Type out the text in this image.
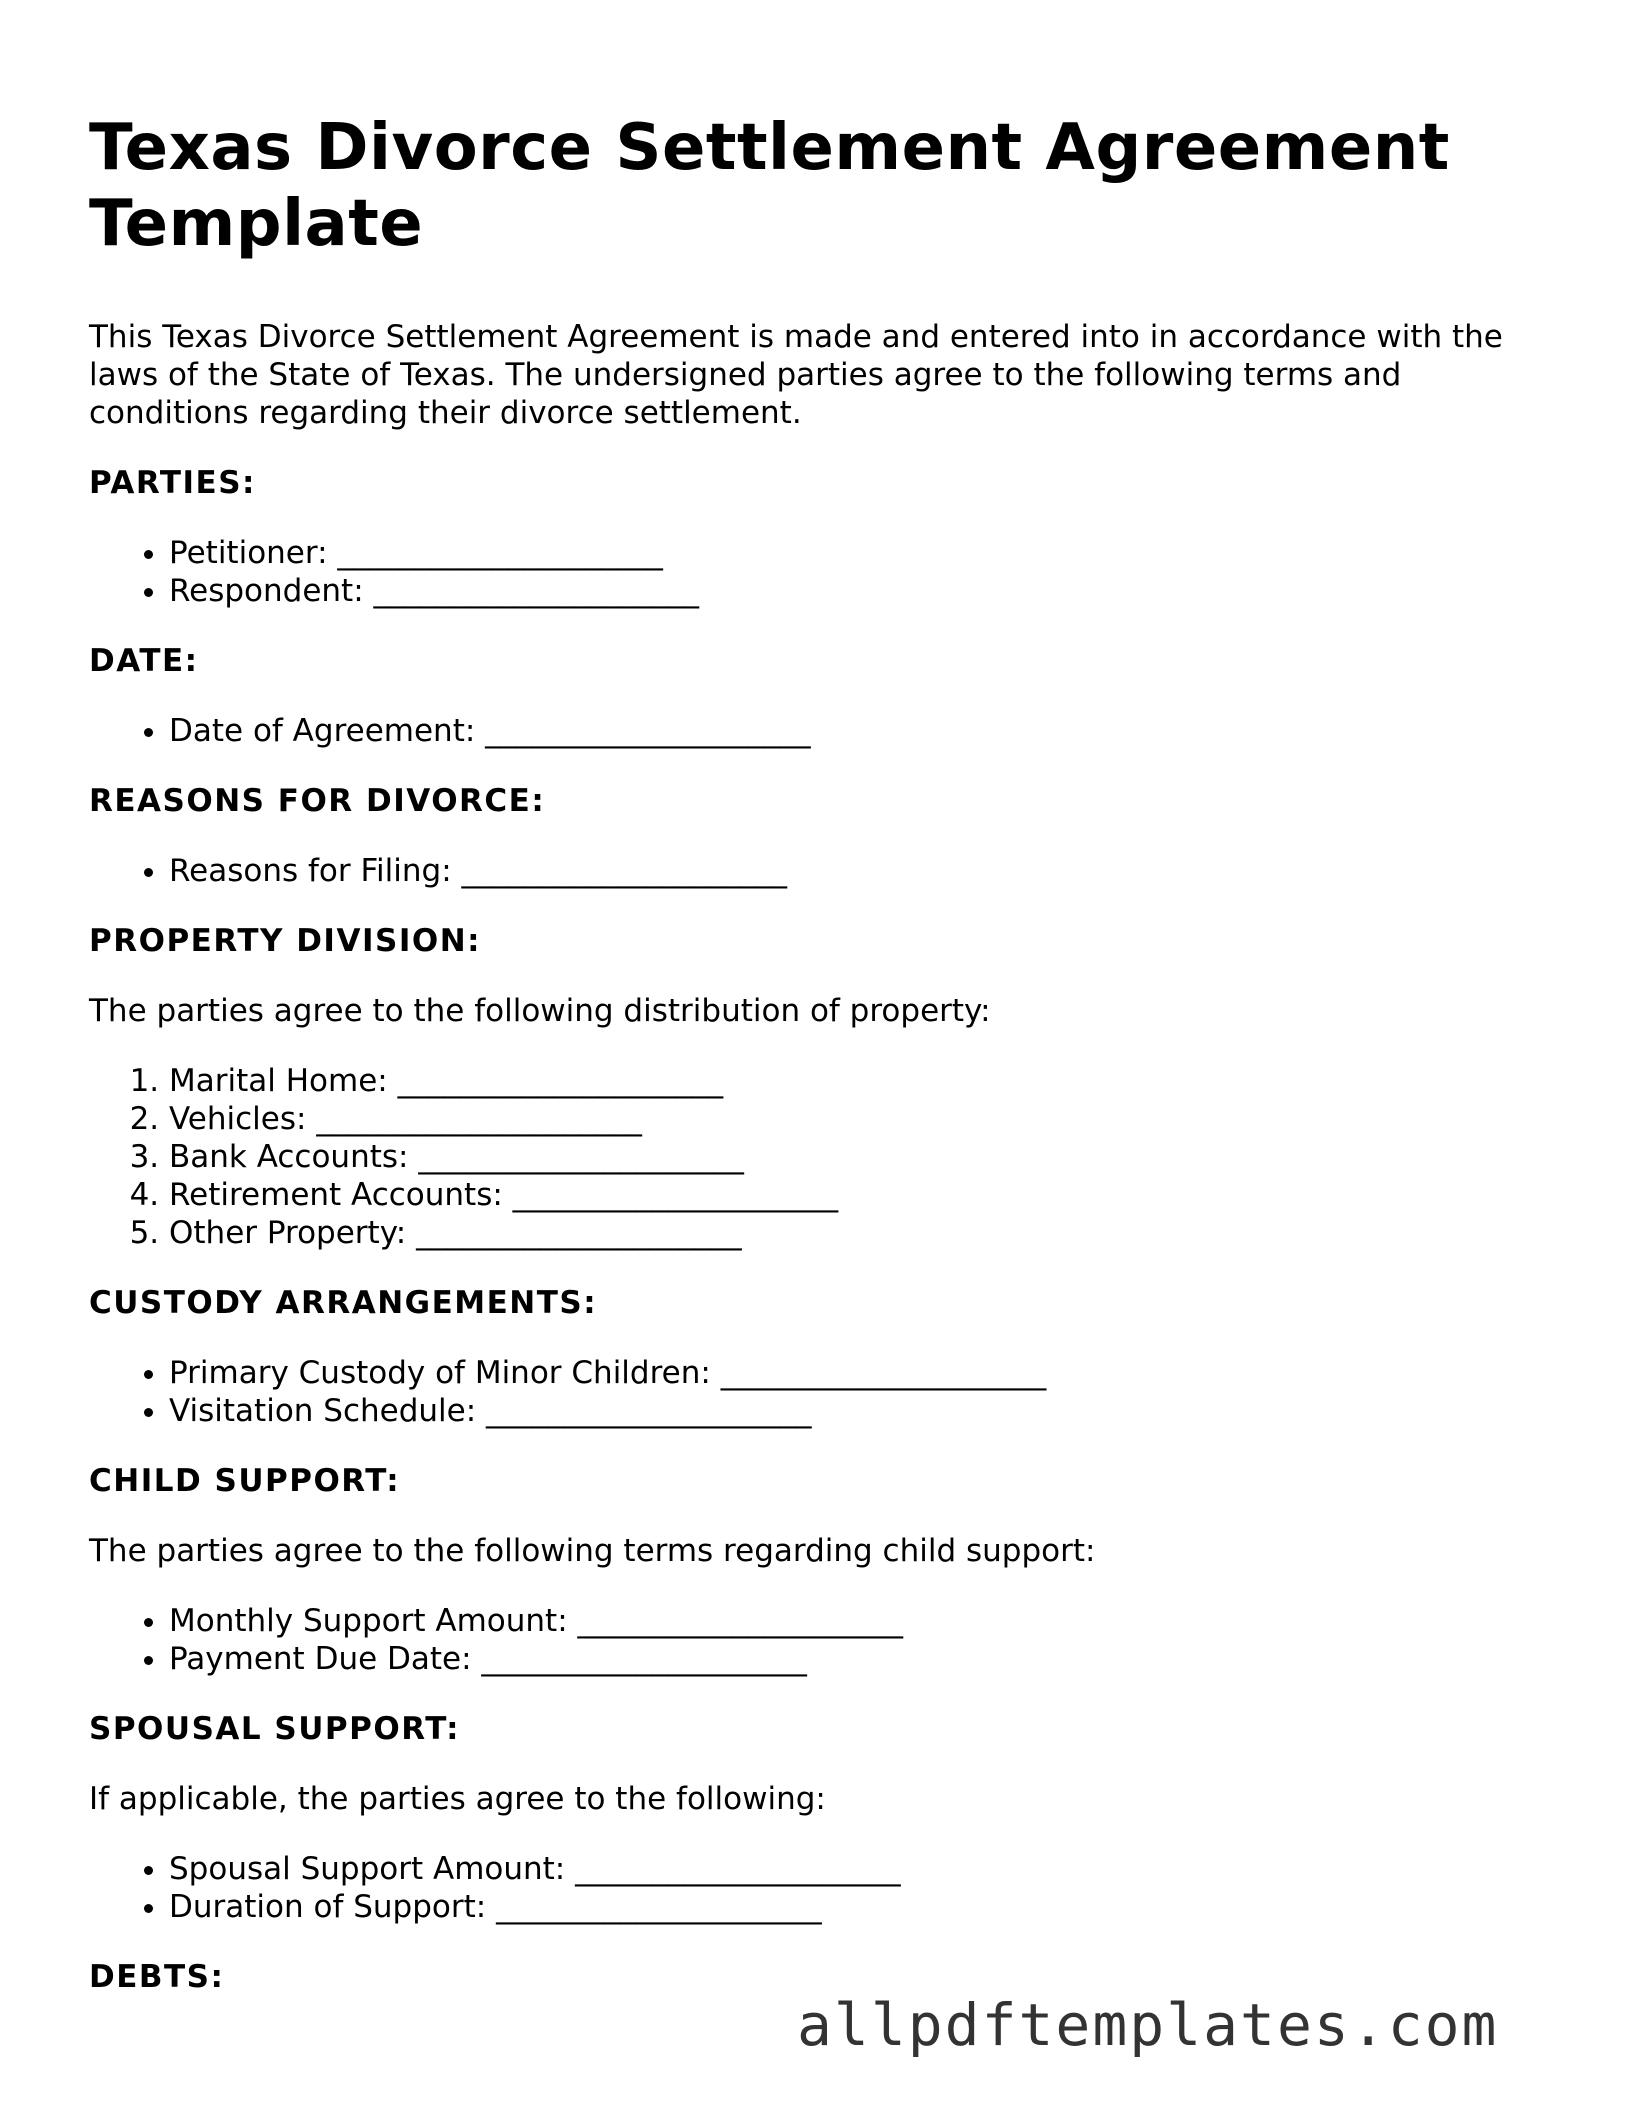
Texas Divorce Settlement Agreement Template

This Texas Divorce Settlement Agreement is made and entered into in accordance with the laws of the State of Texas. The undersigned parties agree to the following terms and conditions regarding their divorce settlement.

PARTIES:
• Petitioner: _____________________
• Respondent: _____________________
DATE:
• Date of Agreement: _____________________
REASONS FOR DIVORCE:
• Reasons for Filing: _____________________
PROPERTY DIVISION:

The parties agree to the following distribution of property:

1. Marital Home: _____________________
2. Vehicles: _____________________
3. Bank Accounts: _____________________
4. Retirement Accounts: _____________________
5. Other Property: _____________________
CUSTODY ARRANGEMENTS:
• Primary Custody of Minor Children: _____________________
• Visitation Schedule: _____________________
CHILD SUPPORT:

The parties agree to the following terms regarding child support:

• Monthly Support Amount: _____________________
• Payment Due Date: _____________________
SPOUSAL SUPPORT:

If applicable, the parties agree to the following:

• Spousal Support Amount: _____________________
• Duration of Support: _____________________
DEBTS:
allpdftemplates.com
